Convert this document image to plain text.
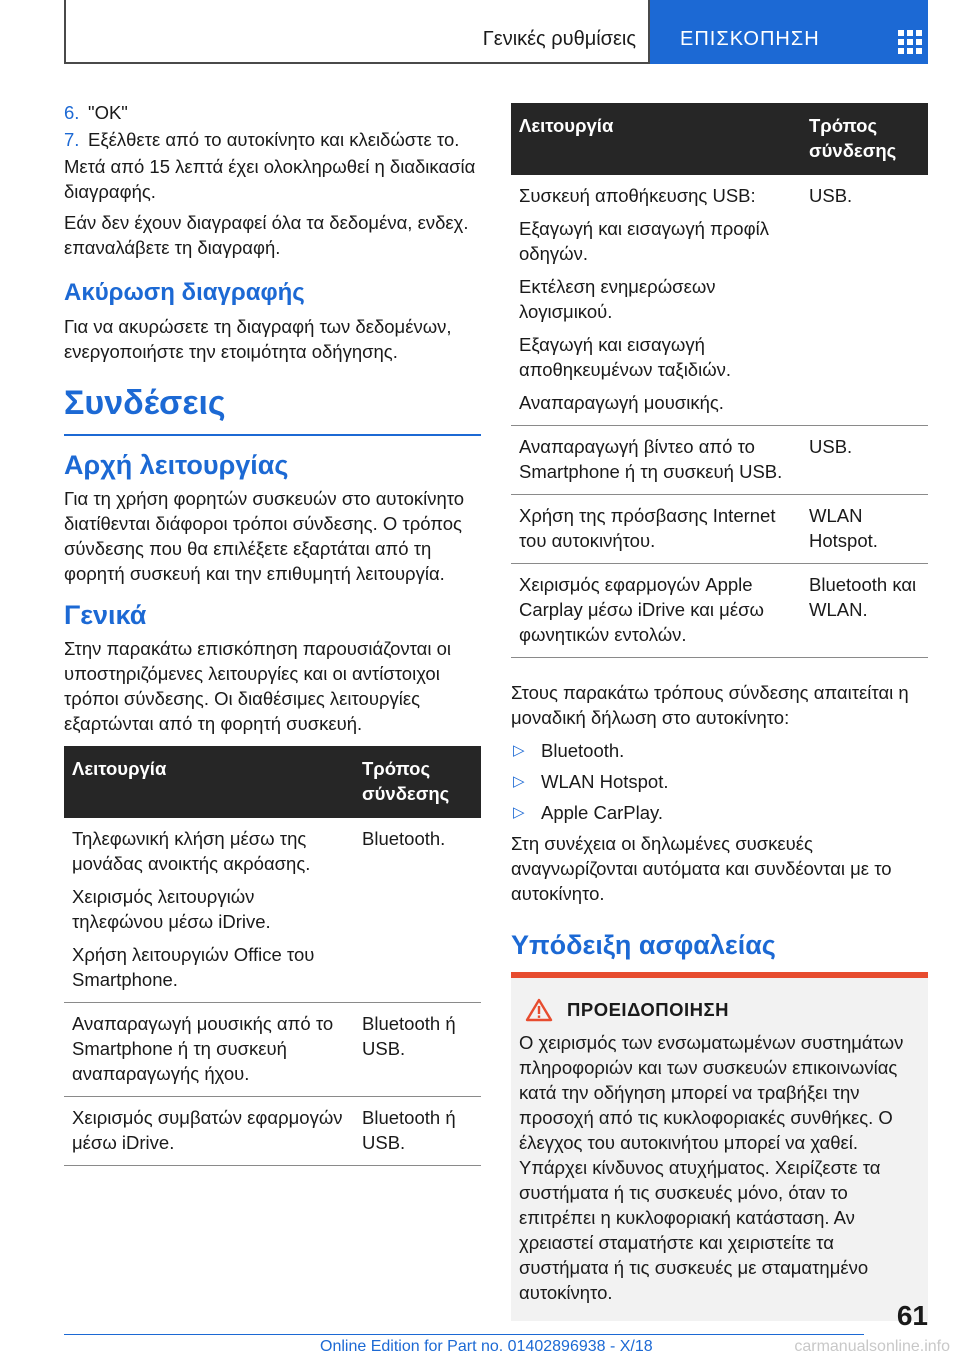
Γενικές ρυθμίσεις ΕΠΙΣΚΟΠΗΣΗ
6. "OK"
7. Εξέλθετε από το αυτοκίνητο και κλειδώστε το.

Μετά από 15 λεπτά έχει ολοκληρωθεί η διαδικασία διαγραφής.

Εάν δεν έχουν διαγραφεί όλα τα δεδομένα, ενδεχ. επαναλάβετε τη διαγραφή.

Ακύρωση διαγραφής

Για να ακυρώσετε τη διαγραφή των δεδομένων, ενεργοποιήστε την ετοιμότητα οδήγησης.

Συνδέσεις
Αρχή λειτουργίας

Για τη χρήση φορητών συσκευών στο αυτοκίνητο διατίθενται διάφοροι τρόποι σύνδεσης. Ο τρόπος σύνδεσης που θα επιλέξετε εξαρτάται από τη φορητή συσκευή και την επιθυμητή λειτουργία.

Γενικά

Στην παρακάτω επισκόπηση παρουσιάζονται οι υποστηριζόμενες λειτουργίες και οι αντίστοιχοι τρόποι σύνδεσης. Οι διαθέσιμες λειτουργίες εξαρτώνται από τη φορητή συσκευή.

Λειτουργία	Τρόπος σύνδεσης

Τηλεφωνική κλήση μέσω της μονάδας ανοικτής ακρόασης.
Χειρισμός λειτουργιών τηλεφώνου μέσω iDrive.
Χρήση λειτουργιών Office του Smartphone.	Bluetooth.

Αναπαραγωγή μουσικής από το Smartphone ή τη συσκευή αναπαραγωγής ήχου.	Bluetooth ή USB.

Χειρισμός συμβατών εφαρμογών μέσω iDrive.	Bluetooth ή USB.
Λειτουργία	Τρόπος σύνδεσης

Συσκευή αποθήκευσης USB:
Εξαγωγή και εισαγωγή προφίλ οδηγών.
Εκτέλεση ενημερώσεων λογισμικού.
Εξαγωγή και εισαγωγή αποθηκευμένων ταξιδιών.
Αναπαραγωγή μουσικής.	USB.

Αναπαραγωγή βίντεο από το Smartphone ή τη συσκευή USB.	USB.

Χρήση της πρόσβασης Internet του αυτοκινήτου.	WLAN Hotspot.

Χειρισμός εφαρμογών Apple Carplay μέσω iDrive και μέσω φωνητικών εντολών.	Bluetooth και WLAN.

Στους παρακάτω τρόπους σύνδεσης απαιτείται η μοναδική δήλωση στο αυτοκίνητο:

▷ Bluetooth.
▷ WLAN Hotspot.
▷ Apple CarPlay.

Στη συνέχεια οι δηλωμένες συσκευές αναγνωρίζονται αυτόματα και συνδέονται με το αυτοκίνητο.

Υπόδειξη ασφαλείας
ΠΡΟΕΙΔΟΠΟΙΗΣΗ

Ο χειρισμός των ενσωματωμένων συστημάτων πληροφοριών και των συσκευών επικοινωνίας κατά την οδήγηση μπορεί να τραβήξει την προσοχή από τις κυκλοφοριακές συνθήκες. Ο έλεγχος του αυτοκινήτου μπορεί να χαθεί. Υπάρχει κίνδυνος ατυχήματος. Χειρίζεστε τα συστήματα ή τις συσκευές μόνο, όταν το επιτρέπει η κυκλοφοριακή κατάσταση. Αν χρειαστεί σταματήστε και χειριστείτε τα συστήματα ή τις συσκευές με σταματημένο αυτοκίνητο.

61
Online Edition for Part no. 01402896938 - X/18	carmanualsonline.info
